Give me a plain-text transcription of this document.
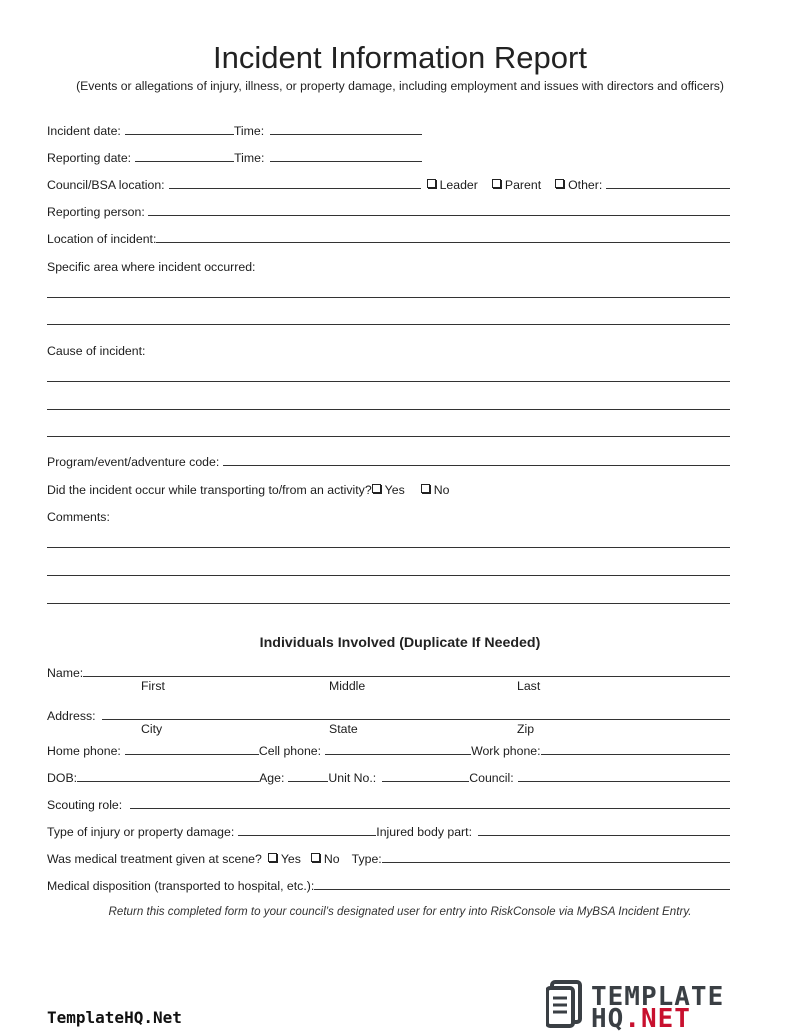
Incident Information Report
(Events or allegations of injury, illness, or property damage, including employment and issues with directors and officers)
Incident date:	Time:
Reporting date:	Time:
Council/BSA location:	Leader	Parent	Other:
Reporting person:
Location of incident:
Specific area where incident occurred:
Cause of incident:
Program/event/adventure code:
Did the incident occur while transporting to/from an activity?	Yes	No
Comments:
Individuals Involved (Duplicate If Needed)
Name:
First	Middle	Last
Address:
City	State	Zip
Home phone:	Cell phone:	Work phone:
DOB:	Age:	Unit No.:	Council:
Scouting role:
Type of injury or property damage:	Injured body part:
Was medical treatment given at scene?	Yes	No Type:
Medical disposition (transported to hospital, etc.):
Return this completed form to your council’s designated user for entry into RiskConsole via MyBSA Incident Entry.
TemplateHQ.Net
TEMPLATE
HQ.NET
